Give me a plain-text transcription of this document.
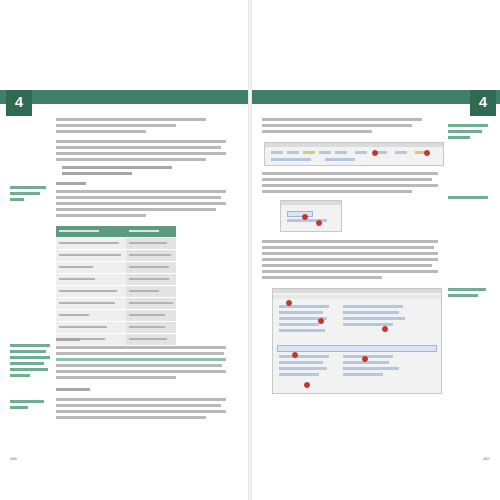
4
456
4
457
